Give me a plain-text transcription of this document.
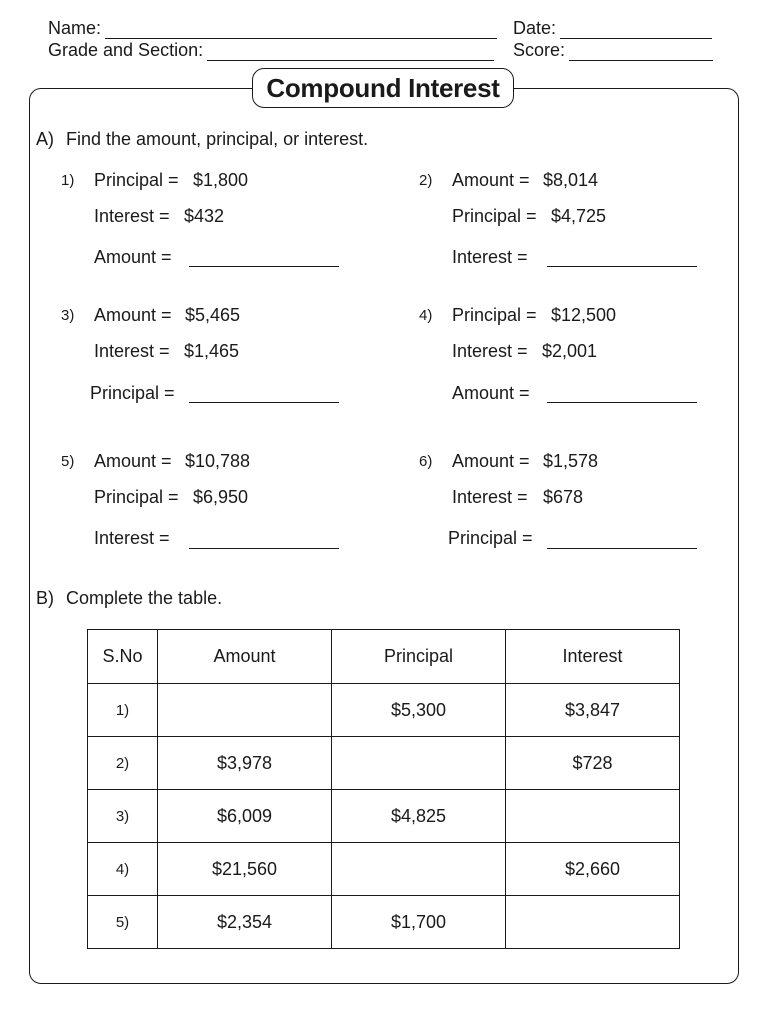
Name:
Grade and Section:
Date:
Score:
Compound Interest
A) Find the amount, principal, or interest.
1) Principal = $1,800
Interest = $432
Amount =
2) Amount = $8,014
Principal = $4,725
Interest =
3) Amount = $5,465
Interest = $1,465
Principal =
4) Principal = $12,500
Interest = $2,001
Amount =
5) Amount = $10,788
Principal = $6,950
Interest =
6) Amount = $1,578
Interest = $678
Principal =
B) Complete the table.
S.No	Amount	Principal	Interest
1)		$5,300	$3,847
2)	$3,978		$728
3)	$6,009	$4,825	
4)	$21,560		$2,660
5)	$2,354	$1,700	
